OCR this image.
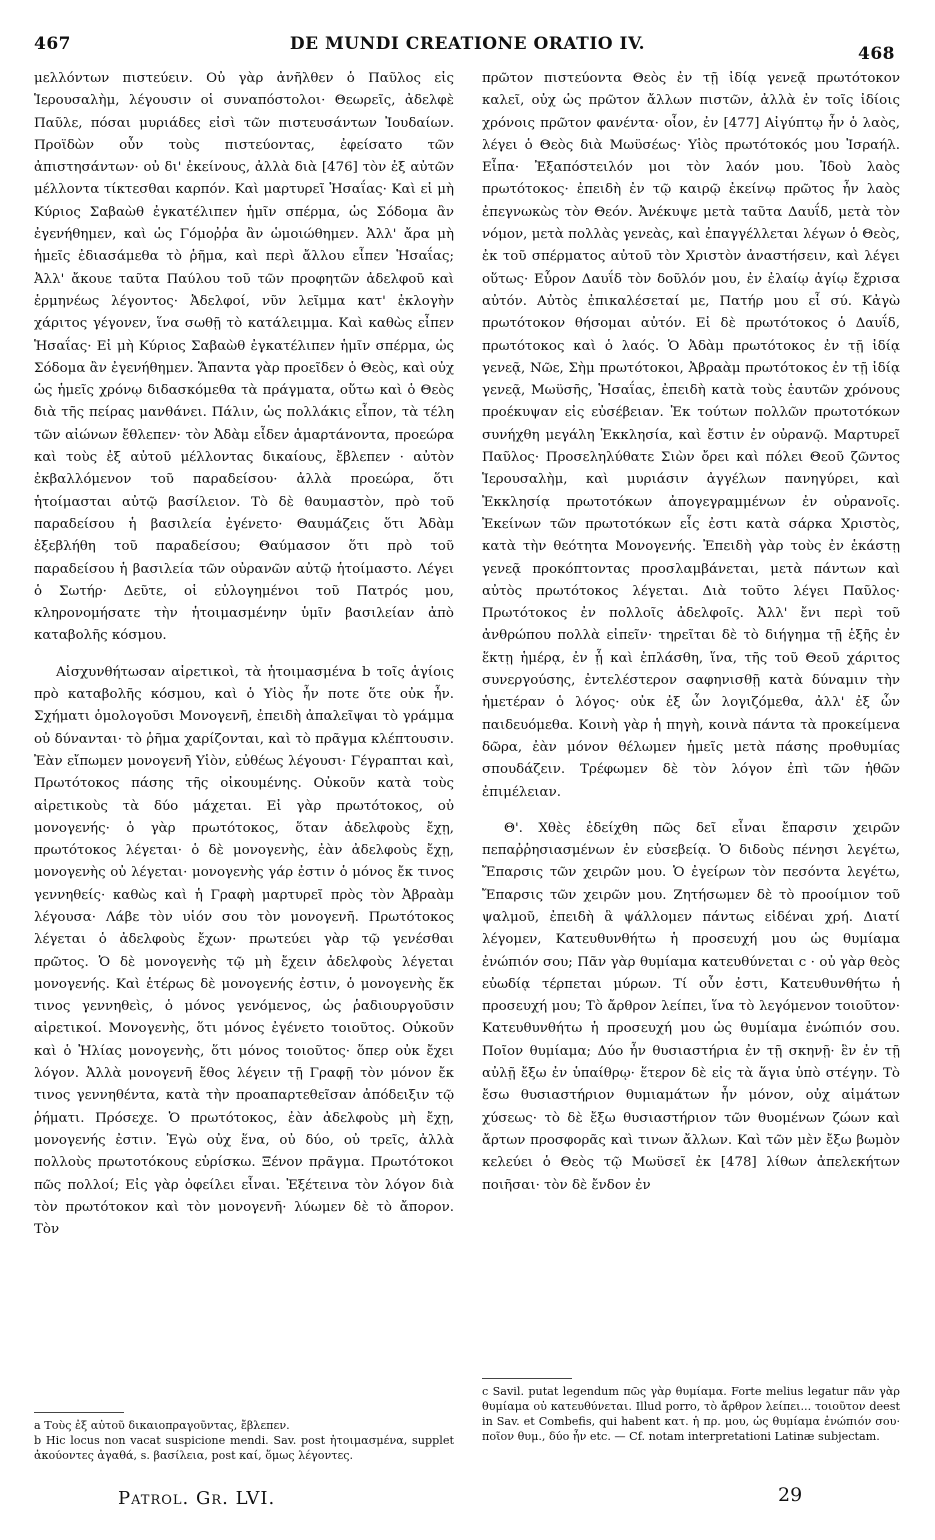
467	DE MUNDI CREATIONE ORATIO IV.	468

μελλόντων πιστεύειν. Οὐ γὰρ ἀνῆλθεν ὁ Παῦλος εἰς Ἱερουσαλὴμ, λέγουσιν οἱ συναπόστολοι· Θεωρεῖς, ἀδελφὲ Παῦλε, πόσαι μυριάδες εἰσὶ τῶν πιστευσάντων Ἰουδαίων. Προϊδὼν οὖν τοὺς πιστεύοντας, ἐφείσατο τῶν ἀπιστησάντων· οὐ δι' ἐκείνους, ἀλλὰ διὰ [476] τὸν ἐξ αὐτῶν μέλλοντα τίκτεσθαι καρπόν. Καὶ μαρτυρεῖ Ἡσαΐας· Καὶ εἰ μὴ Κύριος Σαβαὼθ ἐγκατέλιπεν ἡμῖν σπέρμα, ὡς Σόδομα ἂν ἐγενήθημεν, καὶ ὡς Γόμοῤῥα ἂν ὡμοιώθημεν. Ἀλλ' ἄρα μὴ ἡμεῖς ἐδιασάμεθα τὸ ῥῆμα, καὶ περὶ ἄλλου εἶπεν Ἡσαΐας; Ἀλλ' ἄκουε ταῦτα Παύλου τοῦ τῶν προφητῶν ἀδελφοῦ καὶ ἑρμηνέως λέγοντος· Ἀδελφοί, νῦν λεῖμμα κατ' ἐκλογὴν χάριτος γέγονεν, ἵνα σωθῇ τὸ κατάλειμμα. Καὶ καθὼς εἶπεν Ἡσαΐας· Εἰ μὴ Κύριος Σαβαὼθ ἐγκατέλιπεν ἡμῖν σπέρμα, ὡς Σόδομα ἂν ἐγενήθημεν. Ἅπαντα γὰρ προεῖδεν ὁ Θεὸς, καὶ οὐχ ὡς ἡμεῖς χρόνῳ διδασκόμεθα τὰ πράγματα, οὕτω καὶ ὁ Θεὸς διὰ τῆς πείρας μανθάνει. Πάλιν, ὡς πολλάκις εἶπον, τὰ τέλη τῶν αἰώνων ἔθλεπεν· τὸν Ἀδὰμ εἶδεν ἁμαρτάνοντα, προεώρα καὶ τοὺς ἐξ αὐτοῦ μέλλοντας δικαίους, ἔβλεπεν · αὐτὸν ἐκβαλλόμενον τοῦ παραδείσου· ἀλλὰ προεώρα, ὅτι ἡτοίμασται αὐτῷ βασίλειον. Τὸ δὲ θαυμαστὸν, πρὸ τοῦ παραδείσου ἡ βασιλεία ἐγένετο· Θαυμάζεις ὅτι Ἀδὰμ ἐξεβλήθη τοῦ παραδείσου; Θαύμασον ὅτι πρὸ τοῦ παραδείσου ἡ βασιλεία τῶν οὐρανῶν αὐτῷ ἡτοίμαστο. Λέγει ὁ Σωτήρ· Δεῦτε, οἱ εὐλογημένοι τοῦ Πατρός μου, κληρονομήσατε τὴν ἡτοιμασμένην ὑμῖν βασιλείαν ἀπὸ καταβολῆς κόσμου.

Αἰσχυνθήτωσαν αἱρετικοὶ, τὰ ἡτοιμασμένα b τοῖς ἁγίοις πρὸ καταβολῆς κόσμου, καὶ ὁ Υἱὸς ἦν ποτε ὅτε οὐκ ἦν. Σχήματι ὁμολογοῦσι Μονογενῆ, ἐπειδὴ ἀπαλεῖψαι τὸ γράμμα οὐ δύνανται· τὸ ῥῆμα χαρίζονται, καὶ τὸ πρᾶγμα κλέπτουσιν. Ἐὰν εἴπωμεν μονογενῆ Υἱὸν, εὐθέως λέγουσι· Γέγραπται καὶ, Πρωτότοκος πάσης τῆς οἰκουμένης. Οὐκοῦν κατὰ τοὺς αἱρετικοὺς τὰ δύο μάχεται. Εἰ γὰρ πρωτότοκος, οὐ μονογενής· ὁ γὰρ πρωτότοκος, ὅταν ἀδελφοὺς ἔχῃ, πρωτότοκος λέγεται· ὁ δὲ μονογενὴς, ἐὰν ἀδελφοὺς ἔχῃ, μονογενὴς οὐ λέγεται· μονογενὴς γάρ ἐστιν ὁ μόνος ἔκ τινος γεννηθείς· καθὼς καὶ ἡ Γραφὴ μαρτυρεῖ πρὸς τὸν Ἀβραὰμ λέγουσα· Λάβε τὸν υἱόν σου τὸν μονογενῆ. Πρωτότοκος λέγεται ὁ ἀδελφοὺς ἔχων· πρωτεύει γὰρ τῷ γενέσθαι πρῶτος. Ὁ δὲ μονογενὴς τῷ μὴ ἔχειν ἀδελφοὺς λέγεται μονογενής. Καὶ ἑτέρως δὲ μονογενής ἐστιν, ὁ μονογενὴς ἔκ τινος γεννηθεὶς, ὁ μόνος γενόμενος, ὡς ῥαδιουργοῦσιν αἱρετικοί. Μονογενὴς, ὅτι μόνος ἐγένετο τοιοῦτος. Οὐκοῦν καὶ ὁ Ἠλίας μονογενὴς, ὅτι μόνος τοιοῦτος· ὅπερ οὐκ ἔχει λόγον. Ἀλλὰ μονογενῆ ἔθος λέγειν τῇ Γραφῇ τὸν μόνον ἔκ τινος γεννηθέντα, κατὰ τὴν προαπαρτεθεῖσαν ἀπόδειξιν τῷ ῥήματι. Πρόσεχε. Ὁ πρωτότοκος, ἐὰν ἀδελφοὺς μὴ ἔχῃ, μονογενής ἐστιν. Ἐγὼ οὐχ ἕνα, οὐ δύο, οὐ τρεῖς, ἀλλὰ πολλοὺς πρωτοτόκους εὑρίσκω. Ξένον πρᾶγμα. Πρωτότοκοι πῶς πολλοί; Εἰς γὰρ ὀφείλει εἶναι. Ἐξέτεινα τὸν λόγον διὰ τὸν πρωτότοκον καὶ τὸν μονογενῆ· λύωμεν δὲ τὸ ἄπορον. Τὸν

πρῶτον πιστεύοντα Θεὸς ἐν τῇ ἰδίᾳ γενεᾷ πρωτότοκον καλεῖ, οὐχ ὡς πρῶτον ἄλλων πιστῶν, ἀλλὰ ἐν τοῖς ἰδίοις χρόνοις πρῶτον φανέντα· οἷον, ἐν [477] Αἰγύπτῳ ἦν ὁ λαὸς, λέγει ὁ Θεὸς διὰ Μωϋσέως· Υἱὸς πρωτότοκός μου Ἰσραήλ. Εἶπα· Ἐξαπόστειλόν μοι τὸν λαόν μου. Ἰδοὺ λαὸς πρωτότοκος· ἐπειδὴ ἐν τῷ καιρῷ ἐκείνῳ πρῶτος ἦν λαὸς ἐπεγνωκὼς τὸν Θεόν. Ἀνέκυψε μετὰ ταῦτα Δαυΐδ, μετὰ τὸν νόμον, μετὰ πολλὰς γενεὰς, καὶ ἐπαγγέλλεται λέγων ὁ Θεὸς, ἐκ τοῦ σπέρματος αὐτοῦ τὸν Χριστὸν ἀναστήσειν, καὶ λέγει οὕτως· Εὗρον Δαυΐδ τὸν δοῦλόν μου, ἐν ἐλαίῳ ἁγίῳ ἔχρισα αὐτόν. Αὐτὸς ἐπικαλέσεταί με, Πατήρ μου εἶ σύ. Κἀγὼ πρωτότοκον θήσομαι αὐτόν. Εἰ δὲ πρωτότοκος ὁ Δαυΐδ, πρωτότοκος καὶ ὁ λαός. Ὁ Ἀδὰμ πρωτότοκος ἐν τῇ ἰδίᾳ γενεᾷ, Νῶε, Σὴμ πρωτότοκοι, Ἀβραὰμ πρωτότοκος ἐν τῇ ἰδίᾳ γενεᾷ, Μωϋσῆς, Ἡσαΐας, ἐπειδὴ κατὰ τοὺς ἑαυτῶν χρόνους προέκυψαν εἰς εὐσέβειαν. Ἐκ τούτων πολλῶν πρωτοτόκων συνήχθη μεγάλη Ἐκκλησία, καὶ ἔστιν ἐν οὐρανῷ. Μαρτυρεῖ Παῦλος· Προσεληλύθατε Σιὼν ὄρει καὶ πόλει Θεοῦ ζῶντος Ἱερουσαλὴμ, καὶ μυριάσιν ἀγγέλων πανηγύρει, καὶ Ἐκκλησίᾳ πρωτοτόκων ἀπογεγραμμένων ἐν οὐρανοῖς. Ἐκείνων τῶν πρωτοτόκων εἷς ἐστι κατὰ σάρκα Χριστὸς, κατὰ τὴν θεότητα Μονογενής. Ἐπειδὴ γὰρ τοὺς ἐν ἑκάστῃ γενεᾷ προκόπτοντας προσλαμβάνεται, μετὰ πάντων καὶ αὐτὸς πρωτότοκος λέγεται. Διὰ τοῦτο λέγει Παῦλος· Πρωτότοκος ἐν πολλοῖς ἀδελφοῖς. Ἀλλ' ἔνι περὶ τοῦ ἀνθρώπου πολλὰ εἰπεῖν· τηρεῖται δὲ τὸ διήγημα τῇ ἑξῆς ἐν ἕκτῃ ἡμέρᾳ, ἐν ᾗ καὶ ἐπλάσθη, ἵνα, τῆς τοῦ Θεοῦ χάριτος συνεργούσης, ἐντελέστερον σαφηνισθῇ κατὰ δύναμιν τὴν ἡμετέραν ὁ λόγος· οὐκ ἐξ ὧν λογιζόμεθα, ἀλλ' ἐξ ὧν παιδευόμεθα. Κοινὴ γὰρ ἡ πηγὴ, κοινὰ πάντα τὰ προκείμενα δῶρα, ἐὰν μόνον θέλωμεν ἡμεῖς μετὰ πάσης προθυμίας σπουδάζειν. Τρέφωμεν δὲ τὸν λόγον ἐπὶ τῶν ἡθῶν ἐπιμέλειαν.

Θ'. Χθὲς ἐδείχθη πῶς δεῖ εἶναι ἔπαρσιν χειρῶν πεπαῤῥησιασμένων ἐν εὐσεβείᾳ. Ὁ διδοὺς πένησι λεγέτω, Ἔπαρσις τῶν χειρῶν μου. Ὁ ἐγείρων τὸν πεσόντα λεγέτω, Ἔπαρσις τῶν χειρῶν μου. Ζητήσωμεν δὲ τὸ προοίμιον τοῦ ψαλμοῦ, ἐπειδὴ ἃ ψάλλομεν πάντως εἰδέναι χρή. Διατί λέγομεν, Κατευθυνθήτω ἡ προσευχή μου ὡς θυμίαμα ἐνώπιόν σου; Πᾶν γὰρ θυμίαμα κατευθύνεται c · οὐ γὰρ θεὸς εὐωδίᾳ τέρπεται μύρων. Τί οὖν ἐστι, Κατευθυνθήτω ἡ προσευχή μου; Τὸ ἄρθρον λείπει, ἵνα τὸ λεγόμενον τοιοῦτον· Κατευθυνθήτω ἡ προσευχή μου ὡς θυμίαμα ἐνώπιόν σου. Ποῖον θυμίαμα; Δύο ἦν θυσιαστήρια ἐν τῇ σκηνῇ· ἓν ἐν τῇ αὐλῇ ἔξω ἐν ὑπαίθρῳ· ἕτερον δὲ εἰς τὰ ἅγια ὑπὸ στέγην. Τὸ ἔσω θυσιαστήριον θυμιαμάτων ἦν μόνον, οὐχ αἱμάτων χύσεως· τὸ δὲ ἔξω θυσιαστήριον τῶν θυομένων ζώων καὶ ἄρτων προσφορᾶς καὶ τινων ἄλλων. Καὶ τῶν μὲν ἔξω βωμὸν κελεύει ὁ Θεὸς τῷ Μωϋσεῖ ἐκ [478] λίθων ἀπελεκήτων ποιῆσαι· τὸν δὲ ἔνδον ἐν

a Τοὺς ἐξ αὐτοῦ δικαιοπραγοῦντας, ἔβλεπεν.

b Hic locus non vacat suspicione mendi. Sav. post ἡτοιμασμένα, supplet ἀκούοντες ἀγαθά, s. βασίλεια, post καί, ὅμως λέγοντες.

c Savil. putat legendum πῶς γὰρ θυμίαμα. Forte melius legatur πᾶν γὰρ θυμίαμα οὐ κατευθύνεται. Illud porro, τὸ ἄρθρον λείπει... τοιοῦτον deest in Sav. et Combefis, qui habent κατ. ἡ πρ. μου, ὡς θυμίαμα ἐνώπιόν σου· ποῖον θυμ., δύο ἦν etc. — Cf. notam interpretationi Latinæ subjectam.

Patrol. Gr. LVI.	29
